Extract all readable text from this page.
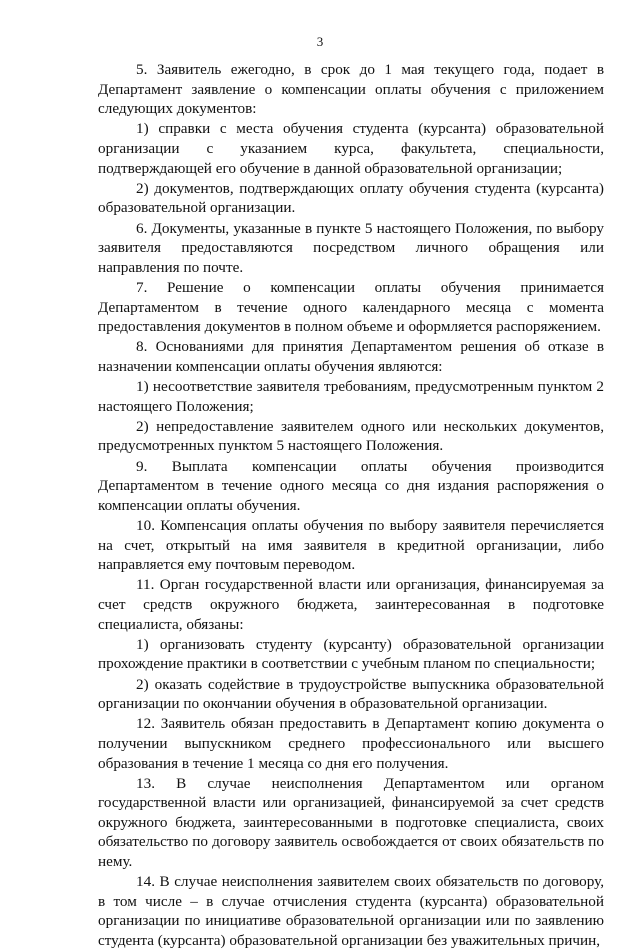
3

5. Заявитель ежегодно, в срок до 1 мая текущего года, подает в Департамент заявление о компенсации оплаты обучения с приложением следующих документов:

1) справки с места обучения студента (курсанта) образовательной организации с указанием курса, факультета, специальности, подтверждающей его обучение в данной образовательной организации;

2) документов, подтверждающих оплату обучения студента (курсанта) образовательной организации.

6. Документы, указанные в пункте 5 настоящего Положения, по выбору заявителя предоставляются посредством личного обращения или направления по почте.

7. Решение о компенсации оплаты обучения принимается Департаментом в течение одного календарного месяца с момента предоставления документов в полном объеме и оформляется распоряжением.

8. Основаниями для принятия Департаментом решения об отказе в назначении компенсации оплаты обучения являются:

1) несоответствие заявителя требованиям, предусмотренным пунктом 2 настоящего Положения;

2) непредоставление заявителем одного или нескольких документов, предусмотренных пунктом 5 настоящего Положения.

9. Выплата компенсации оплаты обучения производится Департаментом в течение одного месяца со дня издания распоряжения о компенсации оплаты обучения.

10. Компенсация оплаты обучения по выбору заявителя перечисляется на счет, открытый на имя заявителя в кредитной организации, либо направляется ему почтовым переводом.

11. Орган государственной власти или организация, финансируемая за счет средств окружного бюджета, заинтересованная в подготовке специалиста, обязаны:

1) организовать студенту (курсанту) образовательной организации прохождение практики в соответствии с учебным планом по специальности;

2) оказать содействие в трудоустройстве выпускника образовательной организации по окончании обучения в образовательной организации.

12. Заявитель обязан предоставить в Департамент копию документа о получении выпускником среднего профессионального или высшего образования в течение 1 месяца со дня его получения.

13. В случае неисполнения Департаментом или органом государственной власти или организацией, финансируемой за счет средств окружного бюджета, заинтересованными в подготовке специалиста, своих обязательство по договору заявитель освобождается от своих обязательств по нему.

14. В случае неисполнения заявителем своих обязательств по договору, в том числе – в случае отчисления студента (курсанта) образовательной организации по инициативе образовательной организации или по заявлению студента (курсанта) образовательной организации без уважительных причин,
